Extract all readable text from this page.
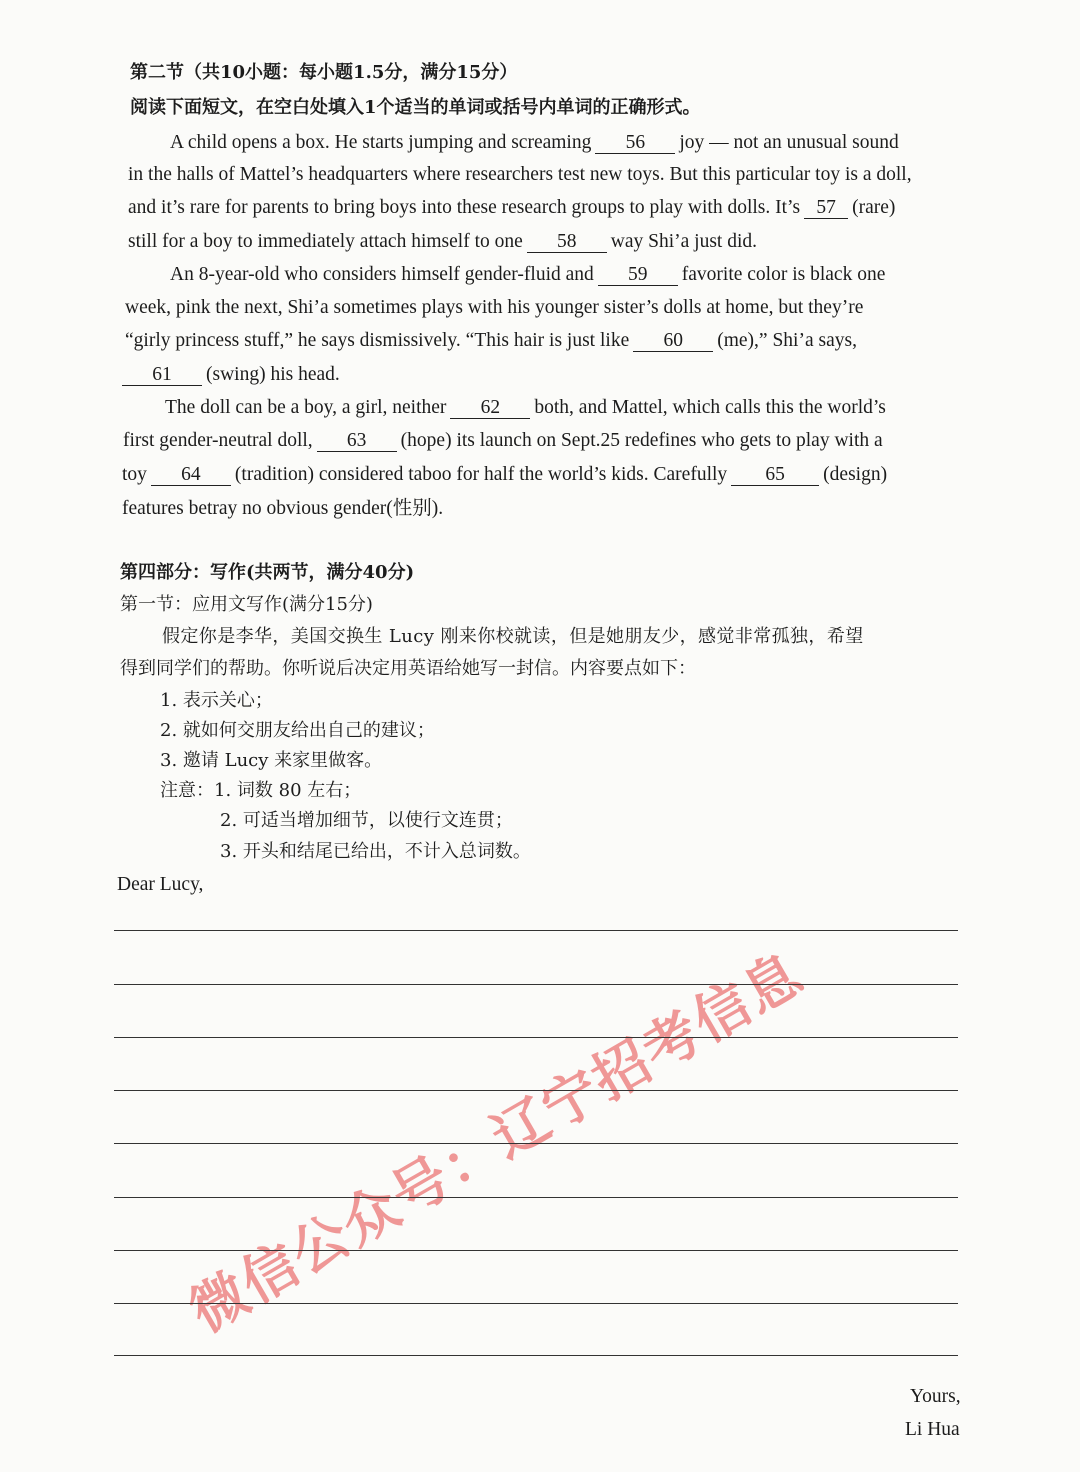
微信公众号：辽宁招考信息
第二节（共10小题：每小题1.5分，满分15分）
阅读下面短文，在空白处填入1个适当的单词或括号内单词的正确形式。
A child opens a box. He starts jumping and screaming 56 joy — not an unusual sound
in the halls of Mattel’s headquarters where researchers test new toys. But this particular toy is a doll,
and it’s rare for parents to bring boys into these research groups to play with dolls. It’s 57 (rare)
still for a boy to immediately attach himself to one 58 way Shi’a just did.
An 8-year-old who considers himself gender-fluid and 59 favorite color is black one
week, pink the next, Shi’a sometimes plays with his younger sister’s dolls at home, but they’re
“girly princess stuff,” he says dismissively. “This hair is just like 60 (me),” Shi’a says,
61 (swing) his head.
The doll can be a boy, a girl, neither 62 both, and Mattel, which calls this the world’s
first gender-neutral doll, 63 (hope) its launch on Sept.25 redefines who gets to play with a
toy 64 (tradition) considered taboo for half the world’s kids. Carefully 65 (design)
features betray no obvious gender(性别).
第四部分：写作(共两节，满分40分)
第一节：应用文写作(满分15分)
假定你是李华，美国交换生 Lucy 刚来你校就读，但是她朋友少，感觉非常孤独，希望
得到同学们的帮助。你听说后决定用英语给她写一封信。内容要点如下：
1. 表示关心；
2. 就如何交朋友给出自己的建议；
3. 邀请 Lucy 来家里做客。
注意：1. 词数 80 左右；
2. 可适当增加细节，以使行文连贯；
3. 开头和结尾已给出，不计入总词数。
Dear Lucy,
Yours,
Li Hua
